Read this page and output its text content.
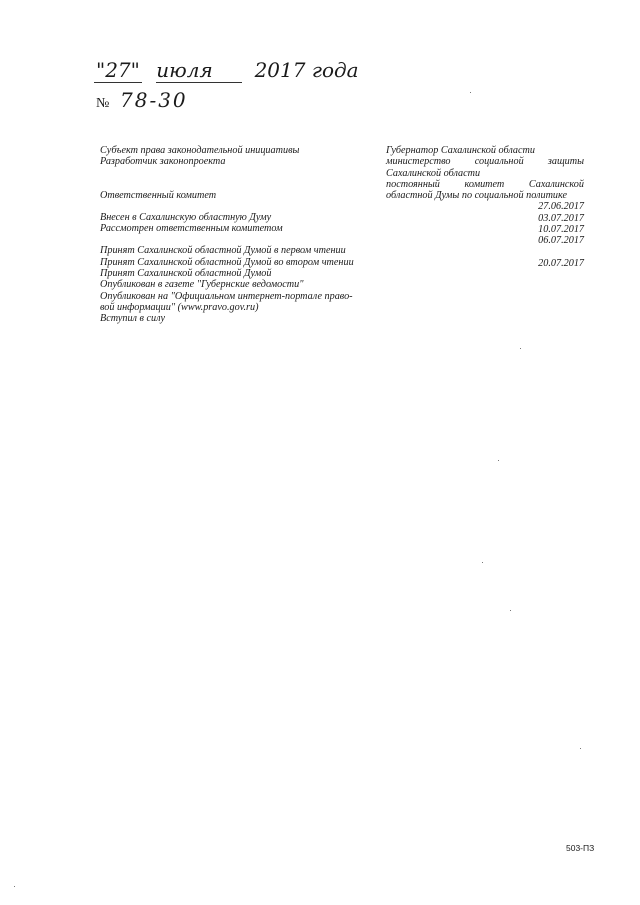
"27" июля 2017 года
№ 78-30
Субъект права законодательной инициативы
Разработчик законопроекта
Ответственный комитет
Внесен в Сахалинскую областную Думу
Рассмотрен ответственным комитетом
Принят Сахалинской областной Думой в первом чтении
Принят Сахалинской областной Думой во втором чтении
Принят Сахалинской областной Думой
Опубликован в газете "Губернские ведомости"
Опубликован на "Официальном интернет-портале право-
вой информации" (www.pravo.gov.ru)
Вступил в силу
Губернатор Сахалинской области
министерство социальной защиты
Сахалинской области
постоянный комитет Сахалинской
областной Думы по социальной политике
27.06.2017
03.07.2017
10.07.2017
06.07.2017
20.07.2017
503-ПЗ
